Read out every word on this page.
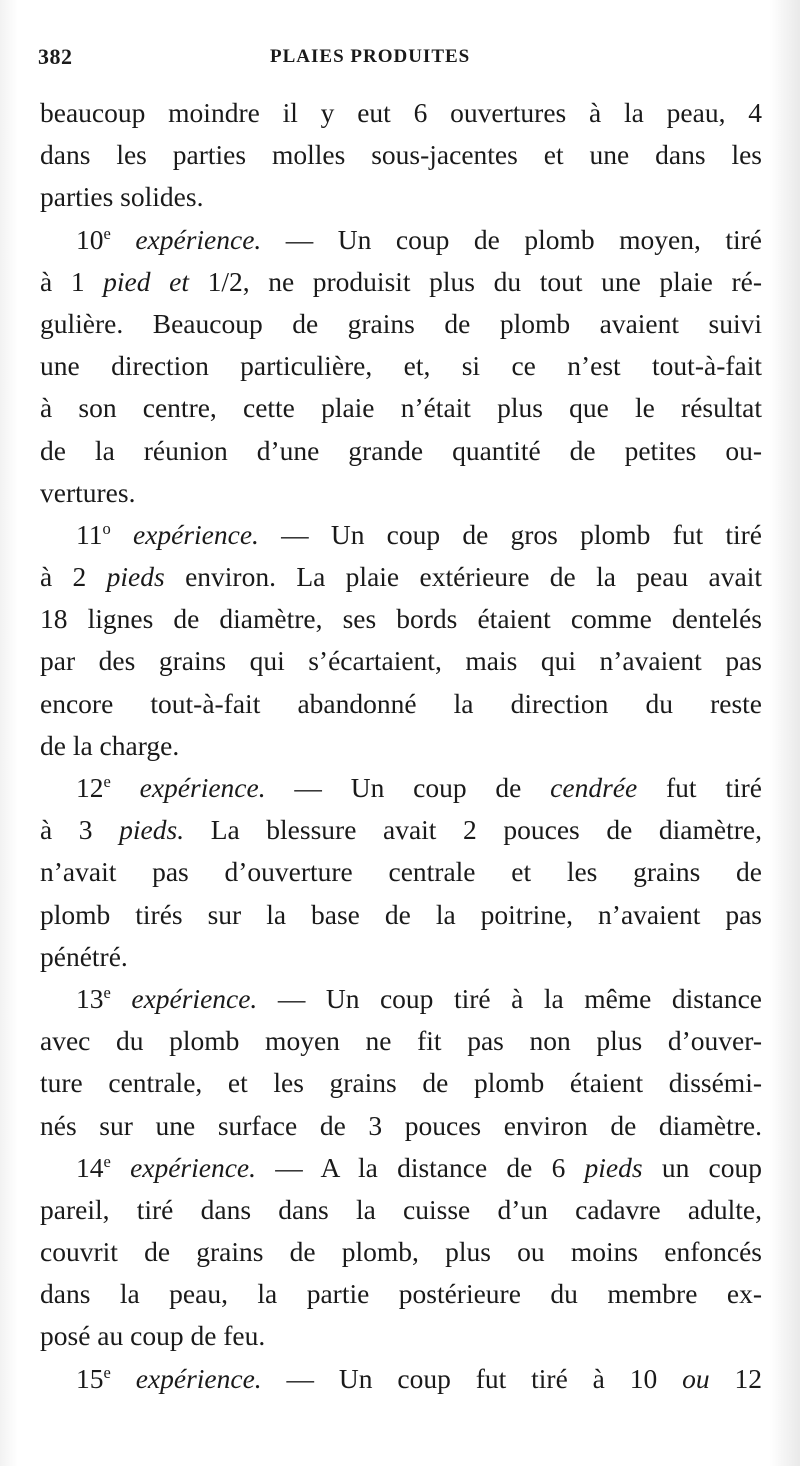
382	PLAIES PRODUITES
beaucoup moindre il y eut 6 ouvertures à la peau, 4
dans les parties molles sous-jacentes et une dans les
parties solides.
10e expérience. — Un coup de plomb moyen, tiré
à 1 pied et 1/2, ne produisit plus du tout une plaie ré-
gulière. Beaucoup de grains de plomb avaient suivi
une direction particulière, et, si ce n’est tout-à-fait
à son centre, cette plaie n’était plus que le résultat
de la réunion d’une grande quantité de petites ou-
vertures.
11$^o$ expérience. — Un coup de gros plomb fut tiré
à 2 pieds environ. La plaie extérieure de la peau avait
18 lignes de diamètre, ses bords étaient comme dentelés
par des grains qui s’écartaient, mais qui n’avaient pas
encore tout-à-fait abandonné la direction du reste
de la charge.
12e expérience. — Un coup de cendrée fut tiré
à 3 pieds. La blessure avait 2 pouces de diamètre,
n’avait pas d’ouverture centrale et les grains de
plomb tirés sur la base de la poitrine, n’avaient pas
pénétré.
13e expérience. — Un coup tiré à la même distance
avec du plomb moyen ne fit pas non plus d’ouver-
ture centrale, et les grains de plomb étaient dissémi-
nés sur une surface de 3 pouces environ de diamètre.
14e expérience. — A la distance de 6 pieds un coup
pareil, tiré dans dans la cuisse d’un cadavre adulte,
couvrit de grains de plomb, plus ou moins enfoncés
dans la peau, la partie postérieure du membre ex-
posé au coup de feu.
15e expérience. — Un coup fut tiré à 10 ou 12
